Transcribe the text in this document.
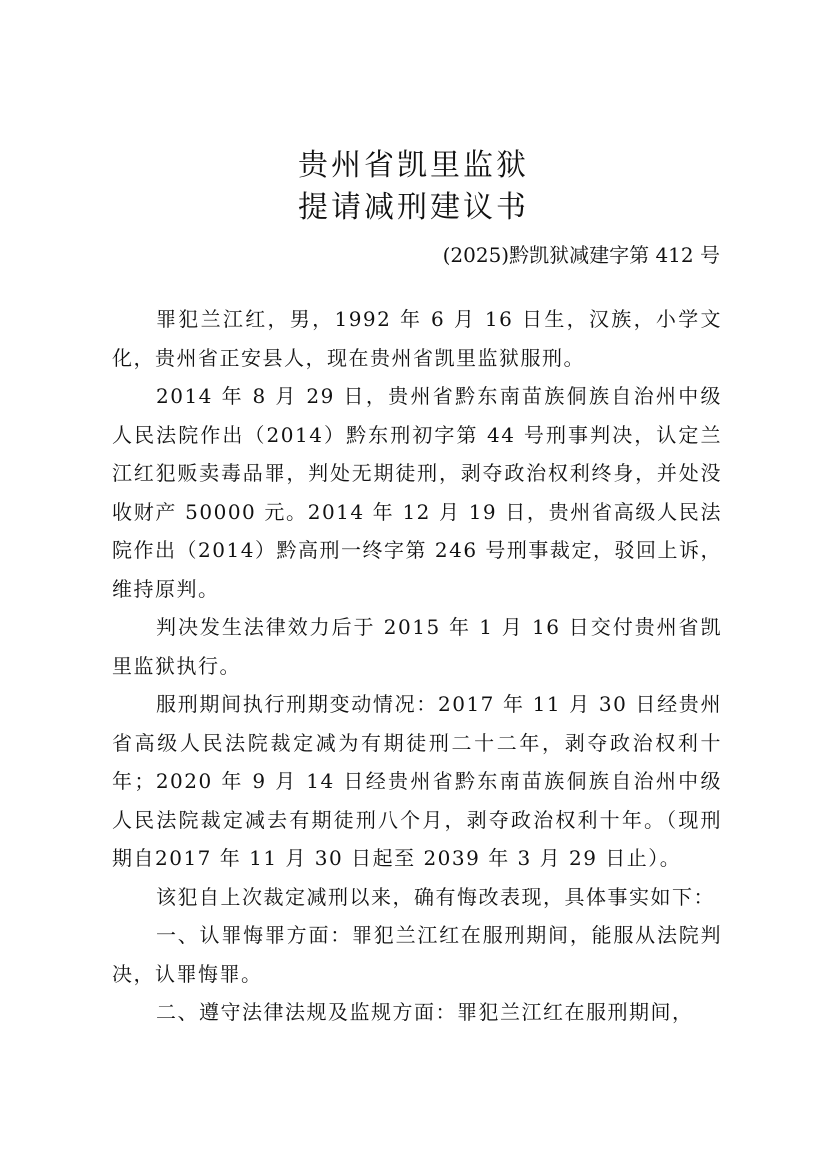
贵州省凯里监狱
提请减刑建议书
(2025)黔凯狱减建字第 412 号

罪犯兰江红，男，1992 年 6 月 16 日生，汉族，小学文化，贵州省正安县人，现在贵州省凯里监狱服刑。

2014 年 8 月 29 日，贵州省黔东南苗族侗族自治州中级人民法院作出（2014）黔东刑初字第 44 号刑事判决，认定兰江红犯贩卖毒品罪，判处无期徒刑，剥夺政治权利终身，并处没收财产 50000 元。2014 年 12 月 19 日，贵州省高级人民法院作出（2014）黔高刑一终字第 246 号刑事裁定，驳回上诉，维持原判。

判决发生法律效力后于 2015 年 1 月 16 日交付贵州省凯里监狱执行。

服刑期间执行刑期变动情况：2017 年 11 月 30 日经贵州省高级人民法院裁定减为有期徒刑二十二年，剥夺政治权利十年；2020 年 9 月 14 日经贵州省黔东南苗族侗族自治州中级人民法院裁定减去有期徒刑八个月，剥夺政治权利十年。（现刑期自2017 年 11 月 30 日起至 2039 年 3 月 29 日止）。

该犯自上次裁定减刑以来，确有悔改表现，具体事实如下：

一、认罪悔罪方面：罪犯兰江红在服刑期间，能服从法院判决，认罪悔罪。

二、遵守法律法规及监规方面：罪犯兰江红在服刑期间，
